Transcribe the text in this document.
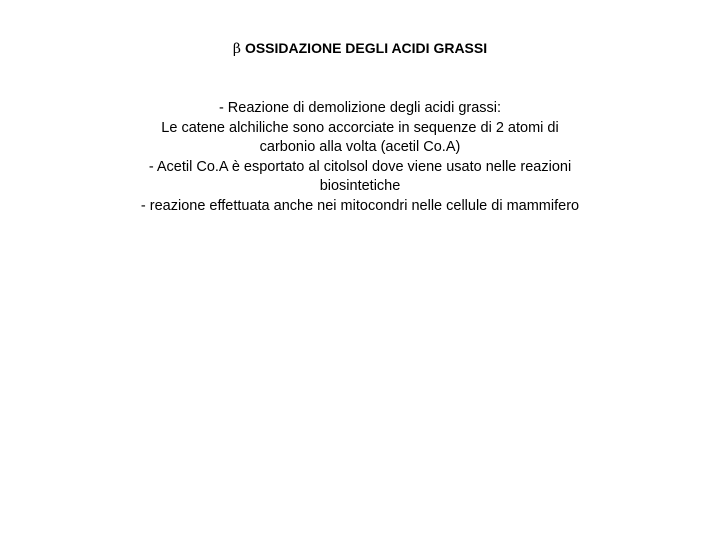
β OSSIDAZIONE DEGLI ACIDI GRASSI
- Reazione di demolizione degli acidi grassi:
Le catene alchiliche sono accorciate in sequenze di 2 atomi di
carbonio alla volta (acetil Co.A)
- Acetil Co.A è esportato al citolsol dove viene usato nelle reazioni
biosintetiche
- reazione effettuata anche nei mitocondri nelle cellule di mammifero
